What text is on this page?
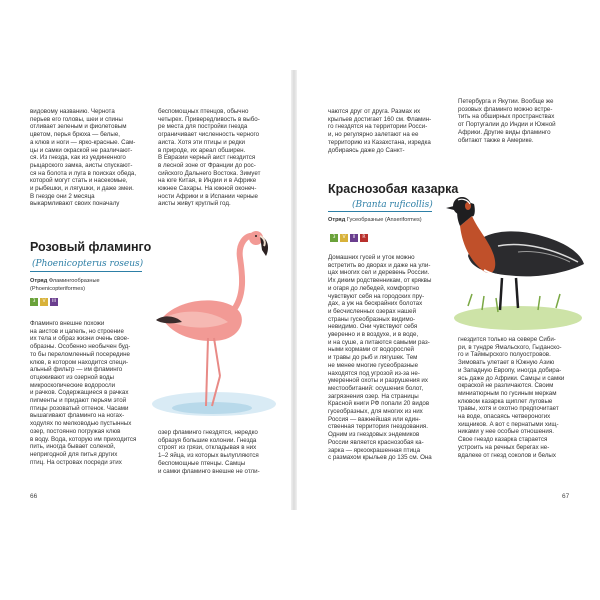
видовому названию. Чернота
перьев его головы, шеи и спины
отливает зеленым и фиолетовым
цветом, перья брюха — белые,
а клюв и ноги — ярко-красные. Сам-
цы и самки окраской не различают-
ся. Из гнезда, как из уединенного
рыцарского замка, аисты спускают-
ся на болота и луга в поисках обеда,
которой могут стать и насекомые,
и рыбешки, и лягушки, и даже змеи.
В гнезде они 2 месяца
выкармливают своих поначалу
беспомощных птенцов, обычно
четырех. Привередливость в выбо-
ре места для постройки гнезда
ограничивает численность черного
аиста. Хотя эти птицы и редки
в природе, их ареал обширен.
В Евразии черный аист гнездится
в лесной зоне от Франции до рос-
сийского Дальнего Востока. Зимует
на юге Китая, в Индии и в Африке
южнее Сахары. На южной оконеч-
ности Африки и в Испании черные
аисты живут круглый год.
Розовый фламинго
(Phoenicopterus roseus)
Отряд Фламингообразные
(Phoenicopteriformes)
3	V	III
Фламинго внешне похожи
на аистов и цапель, но строение
их тела и образ жизни очень свое-
образны. Особенно необычен буд-
то бы переломленный посередине
клюв, в котором находится специ-
альный фильтр — им фламинго
отцеживают из озерной воды
микроскопические водоросли
и рачков. Содержащиеся в рачках
пигменты и придают перьям этой
птицы розоватый оттенок. Часами
вышагивают фламинго на ногах-
ходулях по мелководью пустынных
озер, постоянно погружая клюв
в воду. Вода, которую им приходится
пить, иногда бывает соленой,
непригодной для питья других
птиц. На островах посреди этих
озер фламинго гнездятся, нередко
образуя большие колонии. Гнезда
строят из грязи, откладывая в них
1–2 яйца, из которых вылупляются
беспомощные птенцы. Самцы
и самки фламинго внешне не отли-
66
чаются друг от друга. Размах их
крыльев достигает 160 см. Фламин-
го гнездятся на территории Росси-
и, но регулярно залетают на ее
территорию из Казахстана, изредка
добираясь даже до Санкт-
Петербурга и Якутии. Вообще же
розовых фламинго можно встре-
тить на обширных пространствах
от Португалии до Индии и Южной
Африки. Другие виды фламинго
обитают также в Америке.
Краснозобая казарка
(Branta ruficollis)
Отряд Гусеобразные (Anseriformes)
3	V	II	R
Домашних гусей и уток можно
встретить во дворах и даже на ули-
цах многих сел и деревень России.
Их диким родственникам, от кряквы
и огаря до лебедей, комфортно
чувствуют себя на городских пру-
дах, а уж на бескрайних болотах
и бесчисленных озерах нашей
страны гусеобразных видимо-
невидимо. Они чувствуют себя
уверенно и в воздухе, и в воде,
и на суше, а питаются самыми раз-
ными кормами от водорослей
и травы до рыб и лягушек. Тем
не менее многие гусеобразные
находятся под угрозой из-за не-
умеренной охоты и разрушения их
местообитаний: осушения болот,
загрязнения озер. На страницы
Красной книги РФ попали 20 видов
гусеобразных, для многих из них
Россия — важнейшая или един-
ственная территория гнездования.
Одним из гнездовых эндемиков
России является краснозобая ка-
зарка — яркоокрашенная птица
с размахом крыльев до 135 см. Она
гнездится только на севере Сиби-
ри, в тундре Ямальского, Гыданско-
го и Таймырского полуостровов.
Зимовать улетает в Южную Азию
и Западную Европу, иногда добира-
ясь даже до Африки. Самцы и самки
окраской не различаются. Своим
миниатюрным по гусиным меркам
клювом казарка щиплет луговые
травы, хотя и охотно предпочитает
на воде, опасаясь четвероногих
хищников. А вот с пернатыми хищ-
никами у нее особые отношения.
Свое гнездо казарка старается
устроить на речных берегах не-
вдалеке от гнезд соколов и белых
67
